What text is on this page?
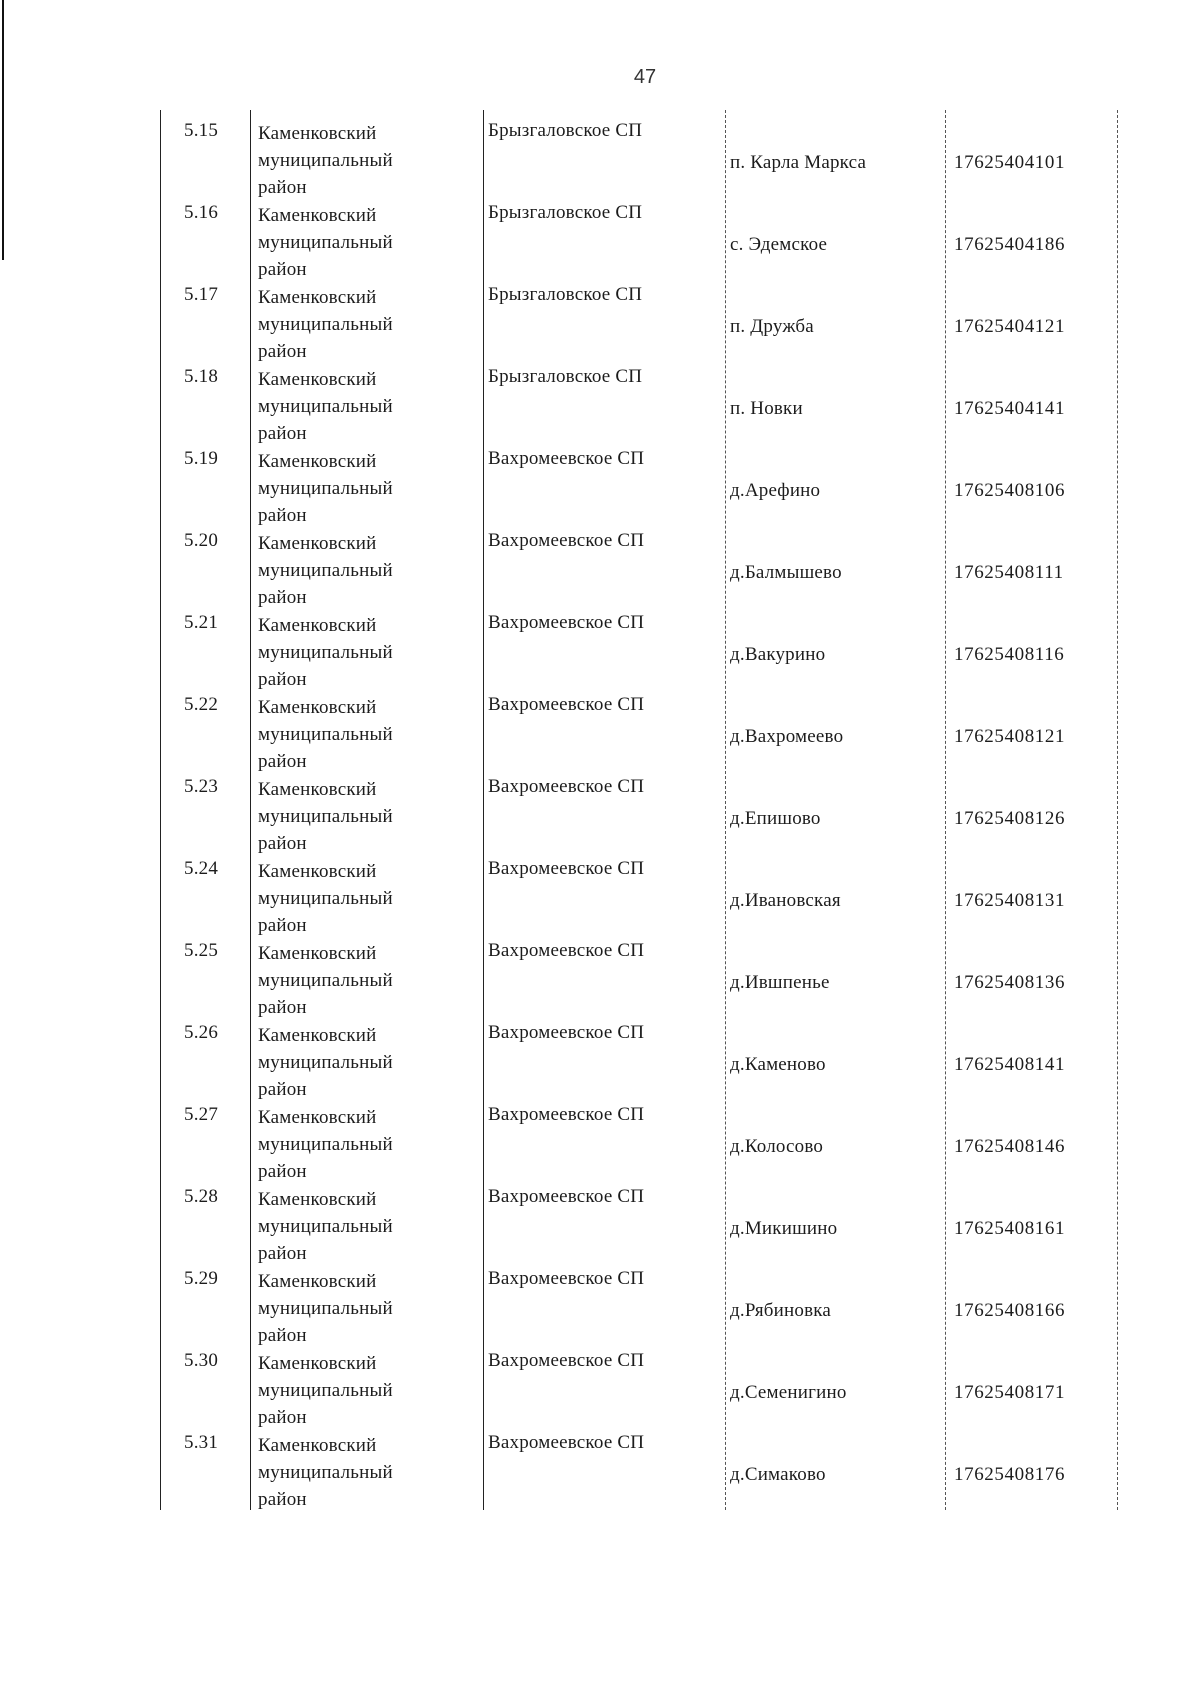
47
5.15 Каменковский
муниципальный
район
Брызгаловское СП
п. Карла Маркса	17625404101
5.16 Каменковский
муниципальный
район
Брызгаловское СП
с. Эдемское	17625404186
5.17 Каменковский
муниципальный
район
Брызгаловское СП
п. Дружба	17625404121
5.18 Каменковский
муниципальный
район
Брызгаловское СП
п. Новки	17625404141
5.19 Каменковский
муниципальный
район
Вахромеевское СП
д.Арефино	17625408106
5.20 Каменковский
муниципальный
район
Вахромеевское СП
д.Балмышево	17625408111
5.21 Каменковский
муниципальный
район
Вахромеевское СП
д.Вакурино	17625408116
5.22 Каменковский
муниципальный
район
Вахромеевское СП
д.Вахромеево	17625408121
5.23 Каменковский
муниципальный
район
Вахромеевское СП
д.Епишово	17625408126
5.24 Каменковский
муниципальный
район
Вахромеевское СП
д.Ивановская	17625408131
5.25 Каменковский
муниципальный
район
Вахромеевское СП
д.Ившпенье	17625408136
5.26 Каменковский
муниципальный
район
Вахромеевское СП
д.Каменово	17625408141
5.27 Каменковский
муниципальный
район
Вахромеевское СП
д.Колосово	17625408146
5.28 Каменковский
муниципальный
район
Вахромеевское СП
д.Микишино	17625408161
5.29 Каменковский
муниципальный
район
Вахромеевское СП
д.Рябиновка	17625408166
5.30 Каменковский
муниципальный
район
Вахромеевское СП
д.Семенигино	17625408171
5.31 Каменковский
муниципальный
район
Вахромеевское СП
д.Симаково	17625408176
